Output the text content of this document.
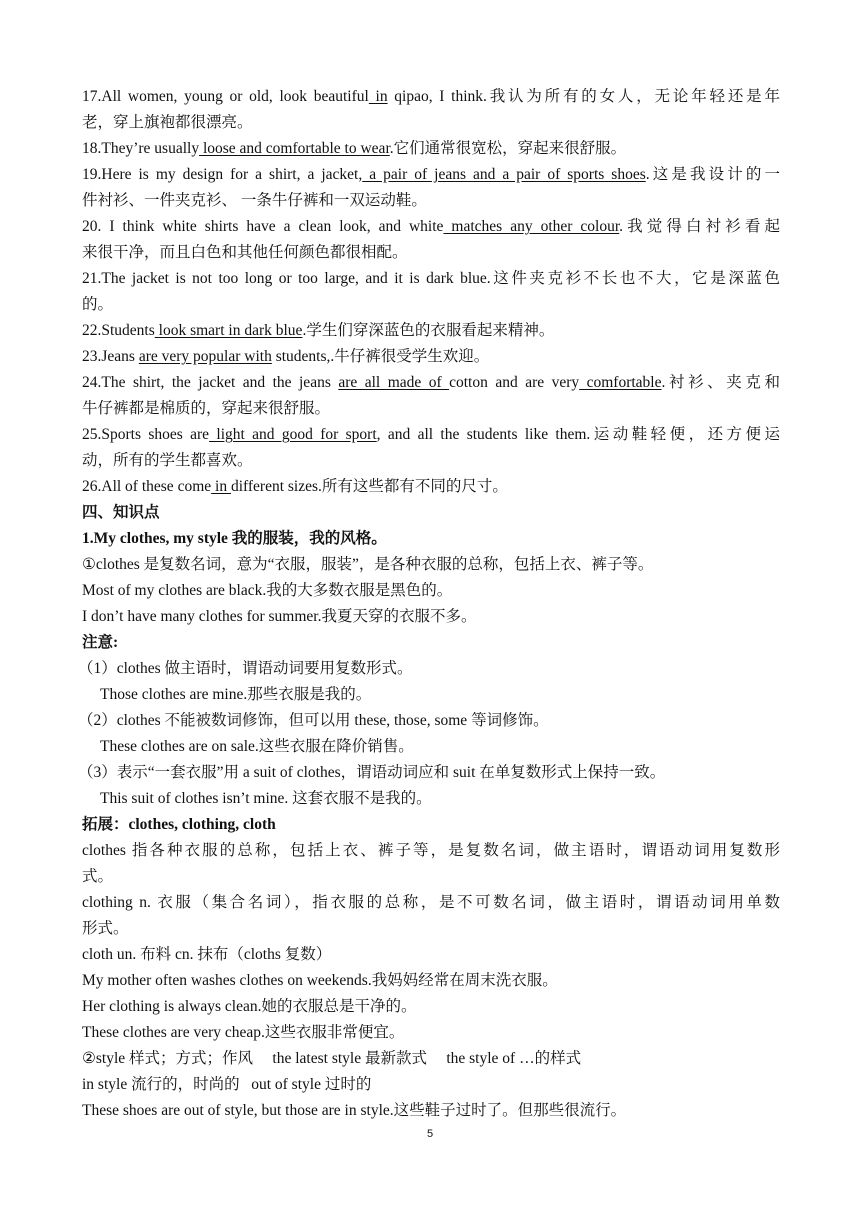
17.All women, young or old, look beautiful in qipao, I think.我认为所有的女人，无论年轻还是年
老，穿上旗袍都很漂亮。
18.They’re usually loose and comfortable to wear.它们通常很宽松，穿起来很舒服。
19.Here is my design for a shirt, a jacket, a pair of jeans and a pair of sports shoes.这是我设计的一
件衬衫、一件夹克衫、 一条牛仔裤和一双运动鞋。
20. I think white shirts have a clean look, and white matches any other colour.我觉得白衬衫看起
来很干净，而且白色和其他任何颜色都很相配。
21.The jacket is not too long or too large, and it is dark blue.这件夹克衫不长也不大，它是深蓝色
的。
22.Students look smart in dark blue.学生们穿深蓝色的衣服看起来精神。
23.Jeans are very popular with students,.牛仔裤很受学生欢迎。
24.The shirt, the jacket and the jeans are all made of cotton and are very comfortable.衬衫、夹克和
牛仔裤都是棉质的，穿起来很舒服。
25.Sports shoes are light and good for sport, and all the students like them.运动鞋轻便，还方便运
动，所有的学生都喜欢。
26.All of these come in different sizes.所有这些都有不同的尺寸。
四、知识点
1.My clothes, my style 我的服装，我的风格。
①clothes 是复数名词，意为“衣服，服装”，是各种衣服的总称，包括上衣、裤子等。
Most of my clothes are black.我的大多数衣服是黑色的。
I don’t have many clothes for summer.我夏天穿的衣服不多。
注意:
（1）clothes 做主语时，谓语动词要用复数形式。
Those clothes are mine.那些衣服是我的。
（2）clothes 不能被数词修饰，但可以用 these, those, some 等词修饰。
These clothes are on sale.这些衣服在降价销售。
（3）表示“一套衣服”用 a suit of clothes，谓语动词应和 suit 在单复数形式上保持一致。
This suit of clothes isn’t mine. 这套衣服不是我的。
拓展：clothes, clothing, cloth
clothes 指各种衣服的总称，包括上衣、裤子等，是复数名词，做主语时，谓语动词用复数形
式。
clothing n. 衣服（集合名词），指衣服的总称，是不可数名词，做主语时，谓语动词用单数
形式。
cloth un. 布料 cn. 抹布（cloths 复数）
My mother often washes clothes on weekends.我妈妈经常在周末洗衣服。
Her clothing is always clean.她的衣服总是干净的。
These clothes are very cheap.这些衣服非常便宜。
②style 样式；方式；作风     the latest style 最新款式     the style of …的样式
in style 流行的，时尚的   out of style 过时的
These shoes are out of style, but those are in style.这些鞋子过时了。但那些很流行。
5
